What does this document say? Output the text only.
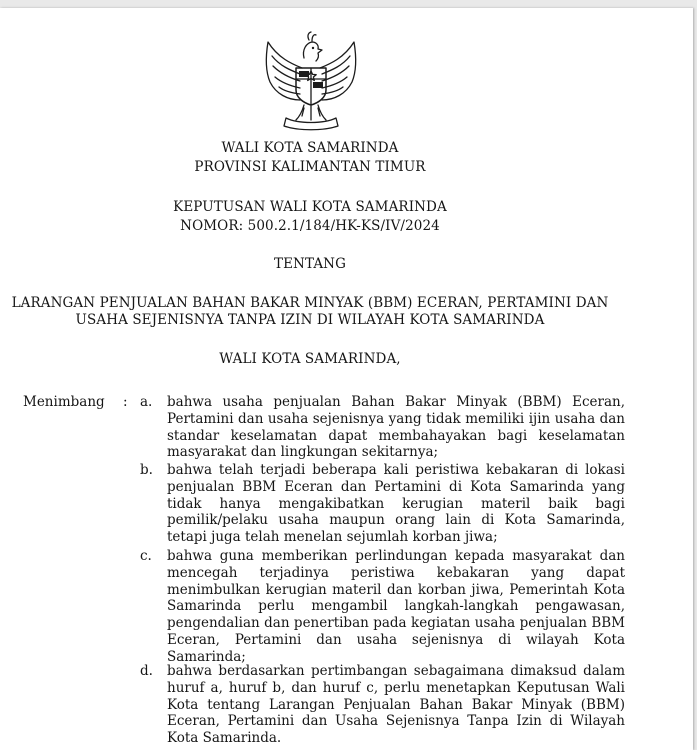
WALI KOTA SAMARINDA
PROVINSI KALIMANTAN TIMUR
KEPUTUSAN WALI KOTA SAMARINDA
NOMOR: 500.2.1/184/HK-KS/IV/2024
TENTANG
LARANGAN PENJUALAN BAHAN BAKAR MINYAK (BBM) ECERAN, PERTAMINI DAN
USAHA SEJENISNYA TANPA IZIN DI WILAYAH KOTA SAMARINDA
WALI KOTA SAMARINDA,
Menimbang : a. bahwa usaha penjualan Bahan Bakar Minyak (BBM) Eceran, Pertamini dan usaha sejenisnya yang tidak memiliki ijin usaha dan standar keselamatan dapat membahayakan bagi keselamatan masyarakat dan lingkungan sekitarnya;
b. bahwa telah terjadi beberapa kali peristiwa kebakaran di lokasi penjualan BBM Eceran dan Pertamini di Kota Samarinda yang tidak hanya mengakibatkan kerugian materil baik bagi pemilik/pelaku usaha maupun orang lain di Kota Samarinda, tetapi juga telah menelan sejumlah korban jiwa;
c. bahwa guna memberikan perlindungan kepada masyarakat dan mencegah terjadinya peristiwa kebakaran yang dapat menimbulkan kerugian materil dan korban jiwa, Pemerintah Kota Samarinda perlu mengambil langkah-langkah pengawasan, pengendalian dan penertiban pada kegiatan usaha penjualan BBM Eceran, Pertamini dan usaha sejenisnya di wilayah Kota Samarinda;
d. bahwa berdasarkan pertimbangan sebagaimana dimaksud dalam huruf a, huruf b, dan huruf c, perlu menetapkan Keputusan Wali Kota tentang Larangan Penjualan Bahan Bakar Minyak (BBM) Eceran, Pertamini dan Usaha Sejenisnya Tanpa Izin di Wilayah Kota Samarinda.
